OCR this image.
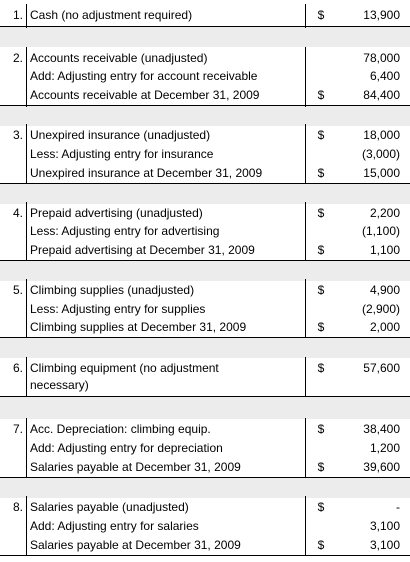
1. Cash (no adjustment required)	$	13,900
2. Accounts receivable (unadjusted)	78,000
Add: Adjusting entry for account receivable	6,400
Accounts receivable at December 31, 2009	$	84,400
3. Unexpired insurance (unadjusted)	$	18,000
Less: Adjusting entry for insurance	(3,000)
Unexpired insurance at December 31, 2009	$	15,000
4. Prepaid advertising (unadjusted)	$	2,200
Less: Adjusting entry for advertising	(1,100)
Prepaid advertising at December 31, 2009	$	1,100
5. Climbing supplies (unadjusted)	$	4,900
Less: Adjusting entry for supplies	(2,900)
Climbing supplies at December 31, 2009	$	2,000
6. Climbing equipment (no adjustment necessary)
$	57,600
7. Acc. Depreciation: climbing equip.	$	38,400
Add: Adjusting entry for depreciation	1,200
Salaries payable at December 31, 2009	$	39,600
8. Salaries payable (unadjusted)	$	-
Add: Adjusting entry for salaries	3,100
Salaries payable at December 31, 2009	$	3,100
